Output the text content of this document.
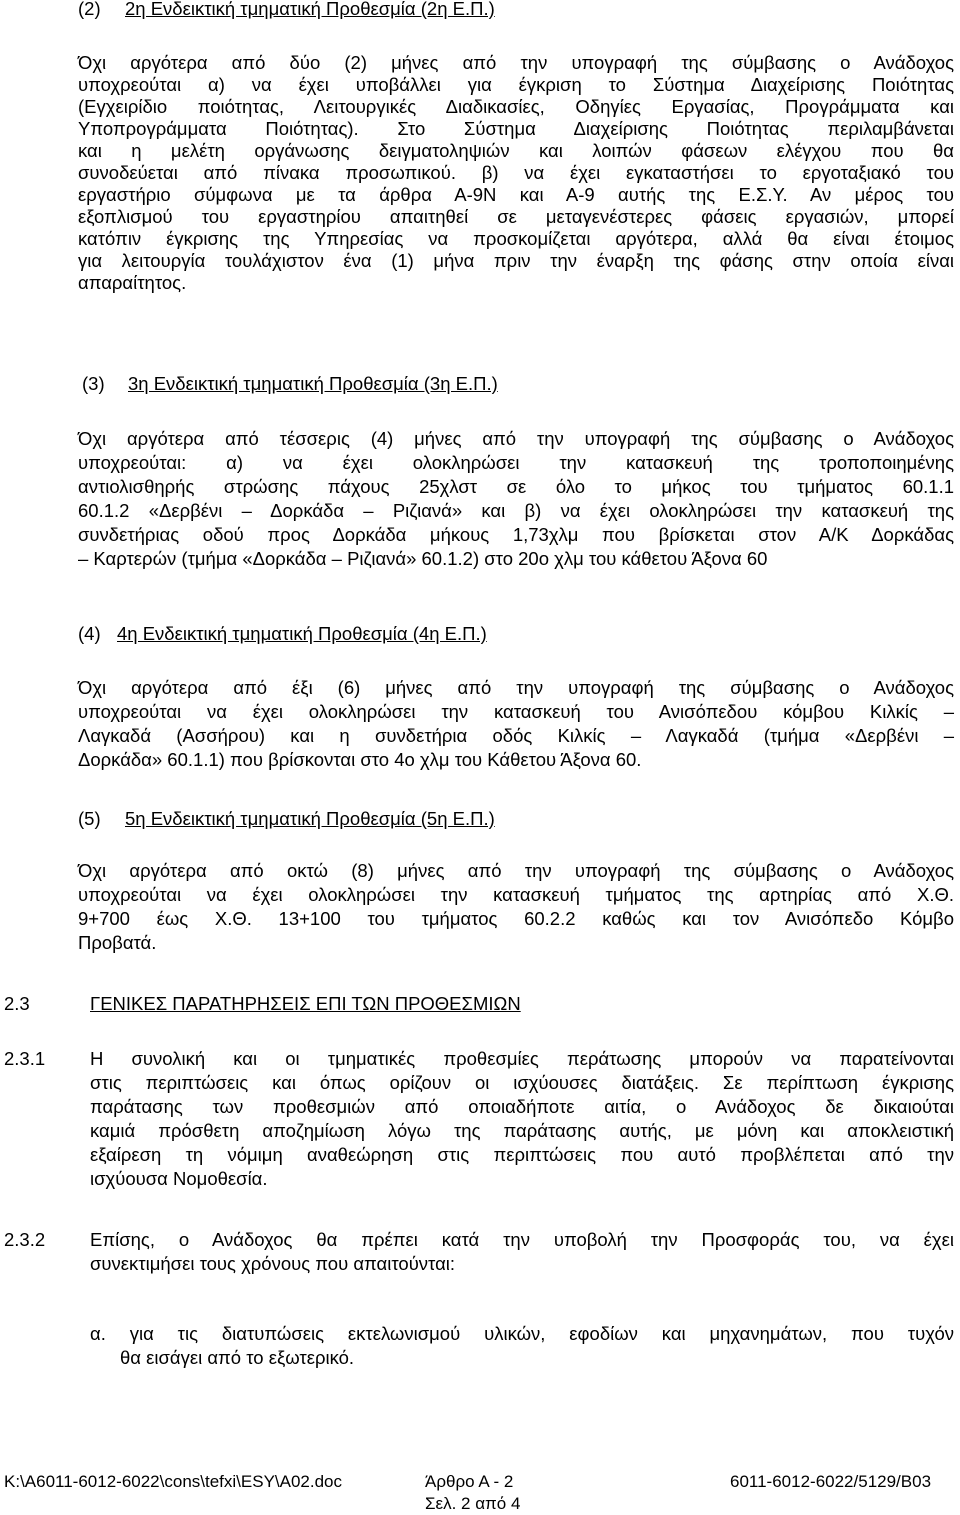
(2) 2η Ενδεικτική τμηματική Προθεσμία (2η Ε.Π.)
Όχι αργότερα από δύο (2) μήνες από την υπογραφή της σύμβασης ο Ανάδοχος
υποχρεούται α) να έχει υποβάλλει για έγκριση το Σύστημα Διαχείρισης Ποιότητας
(Εγχειρίδιο ποιότητας, Λειτουργικές Διαδικασίες, Οδηγίες Εργασίας, Προγράμματα και
Υποπρογράμματα Ποιότητας). Στο Σύστημα Διαχείρισης Ποιότητας περιλαμβάνεται
και η μελέτη οργάνωσης δειγματοληψιών και λοιπών φάσεων ελέγχου που θα
συνοδεύεται από πίνακα προσωπικού. β) να έχει εγκαταστήσει το εργοταξιακό του
εργαστήριο σύμφωνα με τα άρθρα Α-9Ν και Α-9 αυτής της Ε.Σ.Υ. Αν μέρος του
εξοπλισμού του εργαστηρίου απαιτηθεί σε μεταγενέστερες φάσεις εργασιών, μπορεί
κατόπιν έγκρισης της Υπηρεσίας να προσκομίζεται αργότερα, αλλά θα είναι έτοιμος
για λειτουργία τουλάχιστον ένα (1) μήνα πριν την έναρξη της φάσης στην οποία είναι
απαραίτητος.
(3) 3η Ενδεικτική τμηματική Προθεσμία (3η Ε.Π.)
Όχι αργότερα από τέσσερις (4) μήνες από την υπογραφή της σύμβασης ο Ανάδοχος
υποχρεούται: α) να έχει ολοκληρώσει την κατασκευή της τροποποιημένης
αντιολισθηρής στρώσης πάχους 25χλστ σε όλο το μήκος του τμήματος 60.1.1
60.1.2 «Δερβένι – Δορκάδα – Ριζιανά» και β) να έχει ολοκληρώσει την κατασκευή της
συνδετήριας οδού προς Δορκάδα μήκους 1,73χλμ που βρίσκεται στον Α/Κ Δορκάδας
– Καρτερών (τμήμα «Δορκάδα – Ριζιανά» 60.1.2) στο 20ο χλμ του κάθετου Άξονα 60
(4) 4η Ενδεικτική τμηματική Προθεσμία (4η Ε.Π.)
Όχι αργότερα από έξι (6) μήνες από την υπογραφή της σύμβασης ο Ανάδοχος
υποχρεούται να έχει ολοκληρώσει την κατασκευή του Ανισόπεδου κόμβου Κιλκίς –
Λαγκαδά (Ασσήρου) και η συνδετήρια οδός Κιλκίς – Λαγκαδά (τμήμα «Δερβένι –
Δορκάδα» 60.1.1) που βρίσκονται στο 4ο χλμ του Κάθετου Άξονα 60.
(5) 5η Ενδεικτική τμηματική Προθεσμία (5η Ε.Π.)
Όχι αργότερα από οκτώ (8) μήνες από την υπογραφή της σύμβασης ο Ανάδοχος
υποχρεούται να έχει ολοκληρώσει την κατασκευή τμήματος της αρτηρίας από Χ.Θ.
9+700 έως Χ.Θ. 13+100 του τμήματος 60.2.2 καθώς και τον Ανισόπεδο Κόμβο
Προβατά.
2.3	ΓΕΝΙΚΕΣ ΠΑΡΑΤΗΡΗΣΕΙΣ ΕΠΙ ΤΩΝ ΠΡΟΘΕΣΜΙΩΝ
2.3.1 Η συνολική και οι τμηματικές προθεσμίες περάτωσης μπορούν να παρατείνονται
στις περιπτώσεις και όπως ορίζουν οι ισχύουσες διατάξεις. Σε περίπτωση έγκρισης
παράτασης των προθεσμιών από οποιαδήποτε αιτία, ο Ανάδοχος δε δικαιούται
καμιά πρόσθετη αποζημίωση λόγω της παράτασης αυτής, με μόνη και αποκλειστική
εξαίρεση τη νόμιμη αναθεώρηση στις περιπτώσεις που αυτό προβλέπεται από την
ισχύουσα Νομοθεσία.
2.3.2 Επίσης, ο Ανάδοχος θα πρέπει κατά την υποβολή την Προσφοράς του, να έχει
συνεκτιμήσει τους χρόνους που απαιτούνται:
α. για τις διατυπώσεις εκτελωνισμού υλικών, εφοδίων και μηχανημάτων, που τυχόν
θα εισάγει από το εξωτερικό.
K:\A6011-6012-6022\cons\tefxi\ESY\A02.doc	Άρθρο Α - 2	6011-6012-6022/5129/B03
Σελ. 2 από 4
